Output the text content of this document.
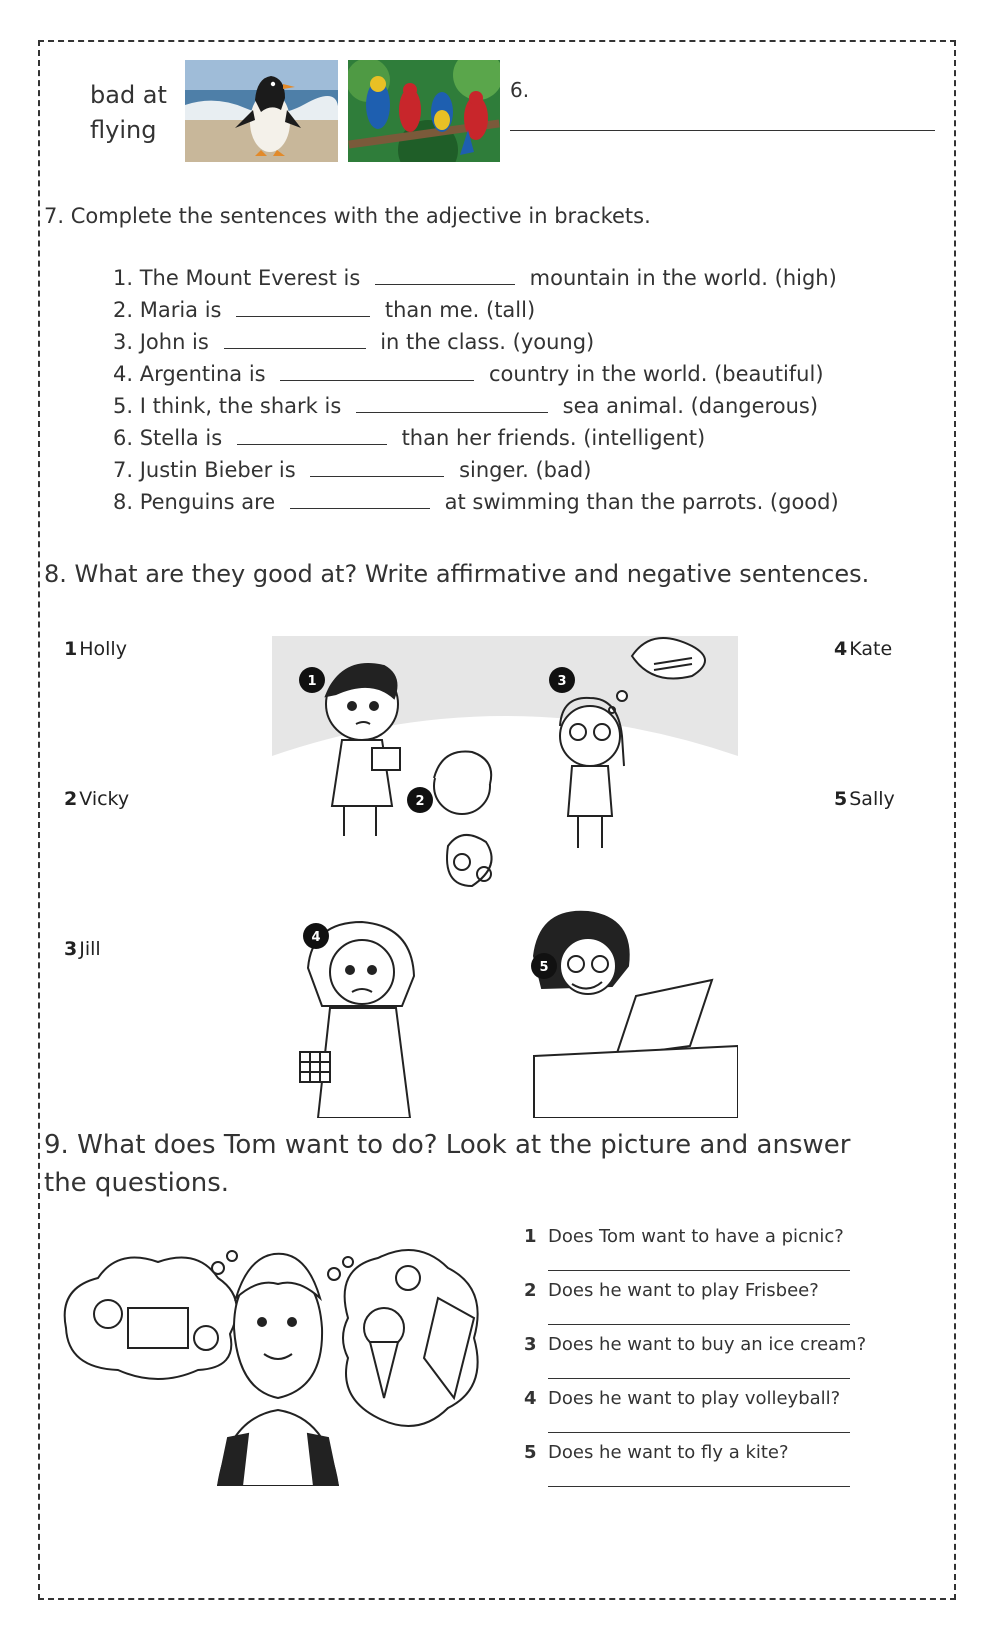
bad at
flying
6.
7. Complete the sentences with the adjective in brackets.
1. The Mount Everest is	mountain in the world. (high)
2. Maria is	than me. (tall)
3. John is	in the class. (young)
4. Argentina is	country in the world. (beautiful)
5. I think, the shark is	sea animal. (dangerous)
6. Stella is	than her friends. (intelligent)
7. Justin Bieber is	singer. (bad)
8. Penguins are	at swimming than the parrots. (good)
8. What are they good at? Write affirmative and negative sentences.
1 Holly
2 Vicky
3 Jill
4 Kate
5 Sally
1
2
3
4
5
9. What does Tom want to do? Look at the picture and answer
the questions.
1 Does Tom want to have a picnic?
2 Does he want to play Frisbee?
3 Does he want to buy an ice cream?
4 Does he want to play volleyball?
5 Does he want to fly a kite?
